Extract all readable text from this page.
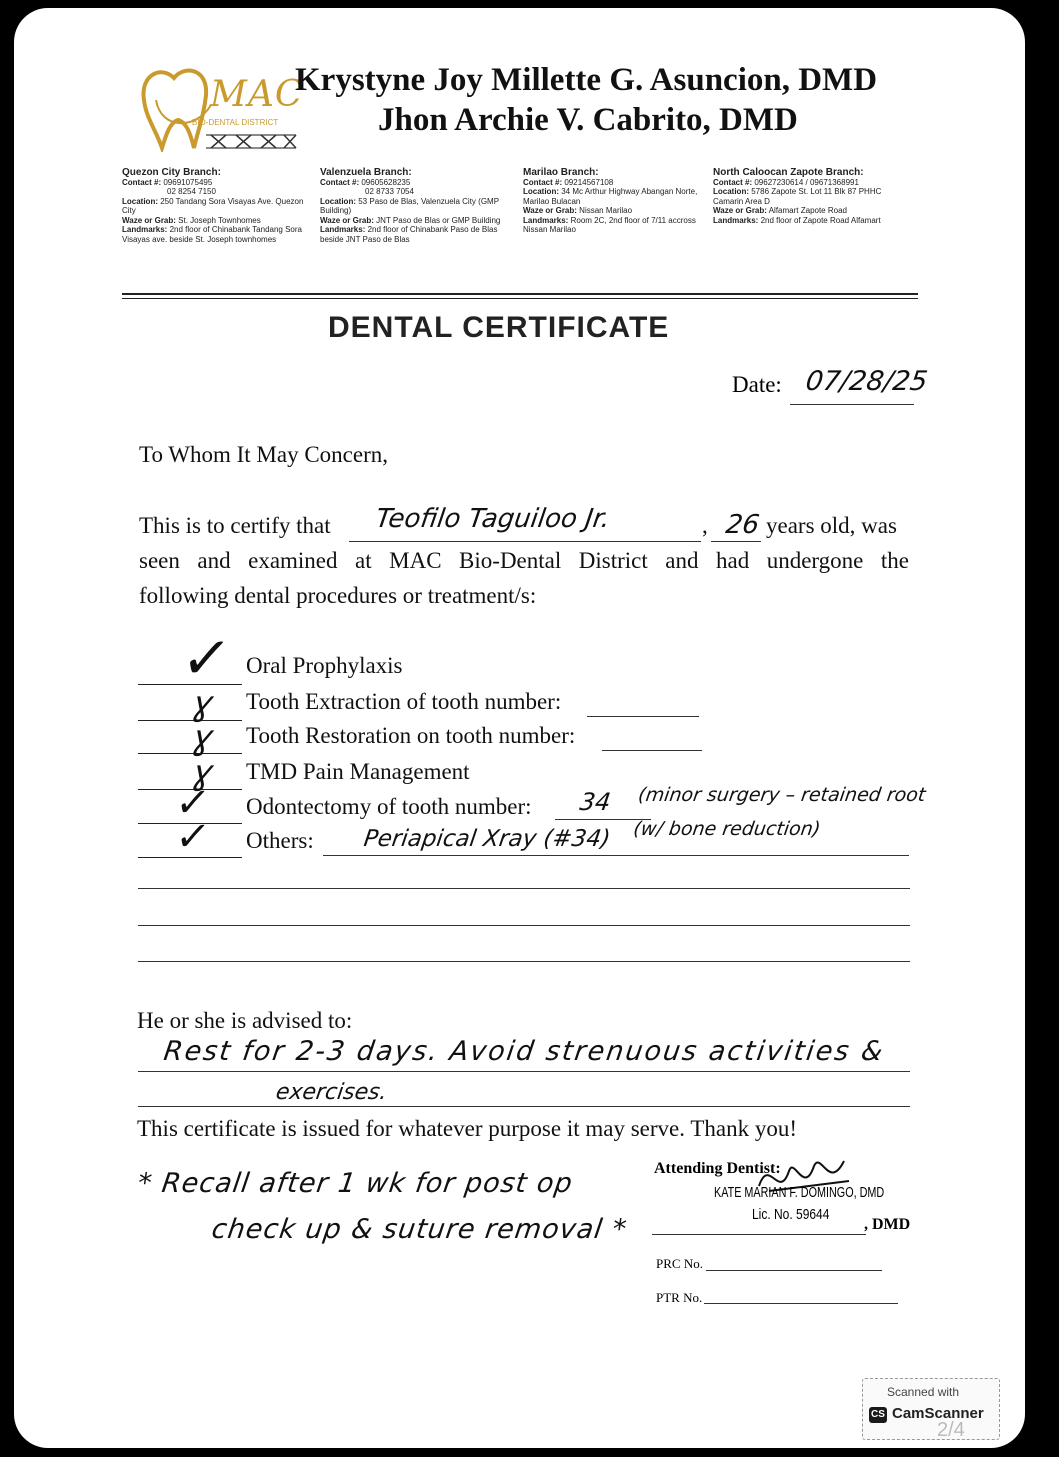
MAC
BIO-DENTAL DISTRICT
Krystyne Joy Millette G. Asuncion, DMD
Jhon Archie V. Cabrito, DMD
Quezon City Branch:
Contact #: 09691075495
02 8254 7150
Location: 250 Tandang Sora Visayas Ave. Quezon City
Waze or Grab: St. Joseph Townhomes
Landmarks: 2nd floor of Chinabank Tandang Sora Visayas ave. beside St. Joseph townhomes
Valenzuela Branch:
Contact #: 09605628235
02 8733 7054
Location: 53 Paso de Blas, Valenzuela City (GMP Building)
Waze or Grab: JNT Paso de Blas or GMP Building
Landmarks: 2nd floor of Chinabank Paso de Blas beside JNT Paso de Blas
Marilao Branch:
Contact #: 09214567108
Location: 34 Mc Arthur Highway Abangan Norte, Marilao Bulacan
Waze or Grab: Nissan Marilao
Landmarks: Room 2C, 2nd floor of 7/11 accross Nissan Marilao
North Caloocan Zapote Branch:
Contact #: 09627230614 / 09671368991
Location: 5786 Zapote St. Lot 11 Blk 87 PHHC Camarin Area D
Waze or Grab: Alfamart Zapote Road
Landmarks: 2nd floor of Zapote Road Alfamart
DENTAL CERTIFICATE
Date: 07/28/25
To Whom It May Concern,
This is to certify that Teofilo Taguiloo Jr.	, 26 years old, was
seen and examined at MAC Bio-Dental District and had undergone the
following dental procedures or treatment/s:
✓ Oral Prophylaxis
ɣ Tooth Extraction of tooth number:
ɣ Tooth Restoration on tooth number:
ɣ TMD Pain Management
✓ Odontectomy of tooth number: 34 (minor surgery – retained root (w/ bone reduction)
✓ Others: Periapical Xray (#34)
He or she is advised to:
Rest for 2-3 days. Avoid strenuous activities &
exercises.
This certificate is issued for whatever purpose it may serve. Thank you!
* Recall after 1 wk for post op
check up & suture removal *
Attending Dentist:
KATE MARIAN F. DOMINGO, DMD
Lic. No. 59644
, DMD
PRC No.
PTR No.
Scanned with
CS CamScanner
2/4
